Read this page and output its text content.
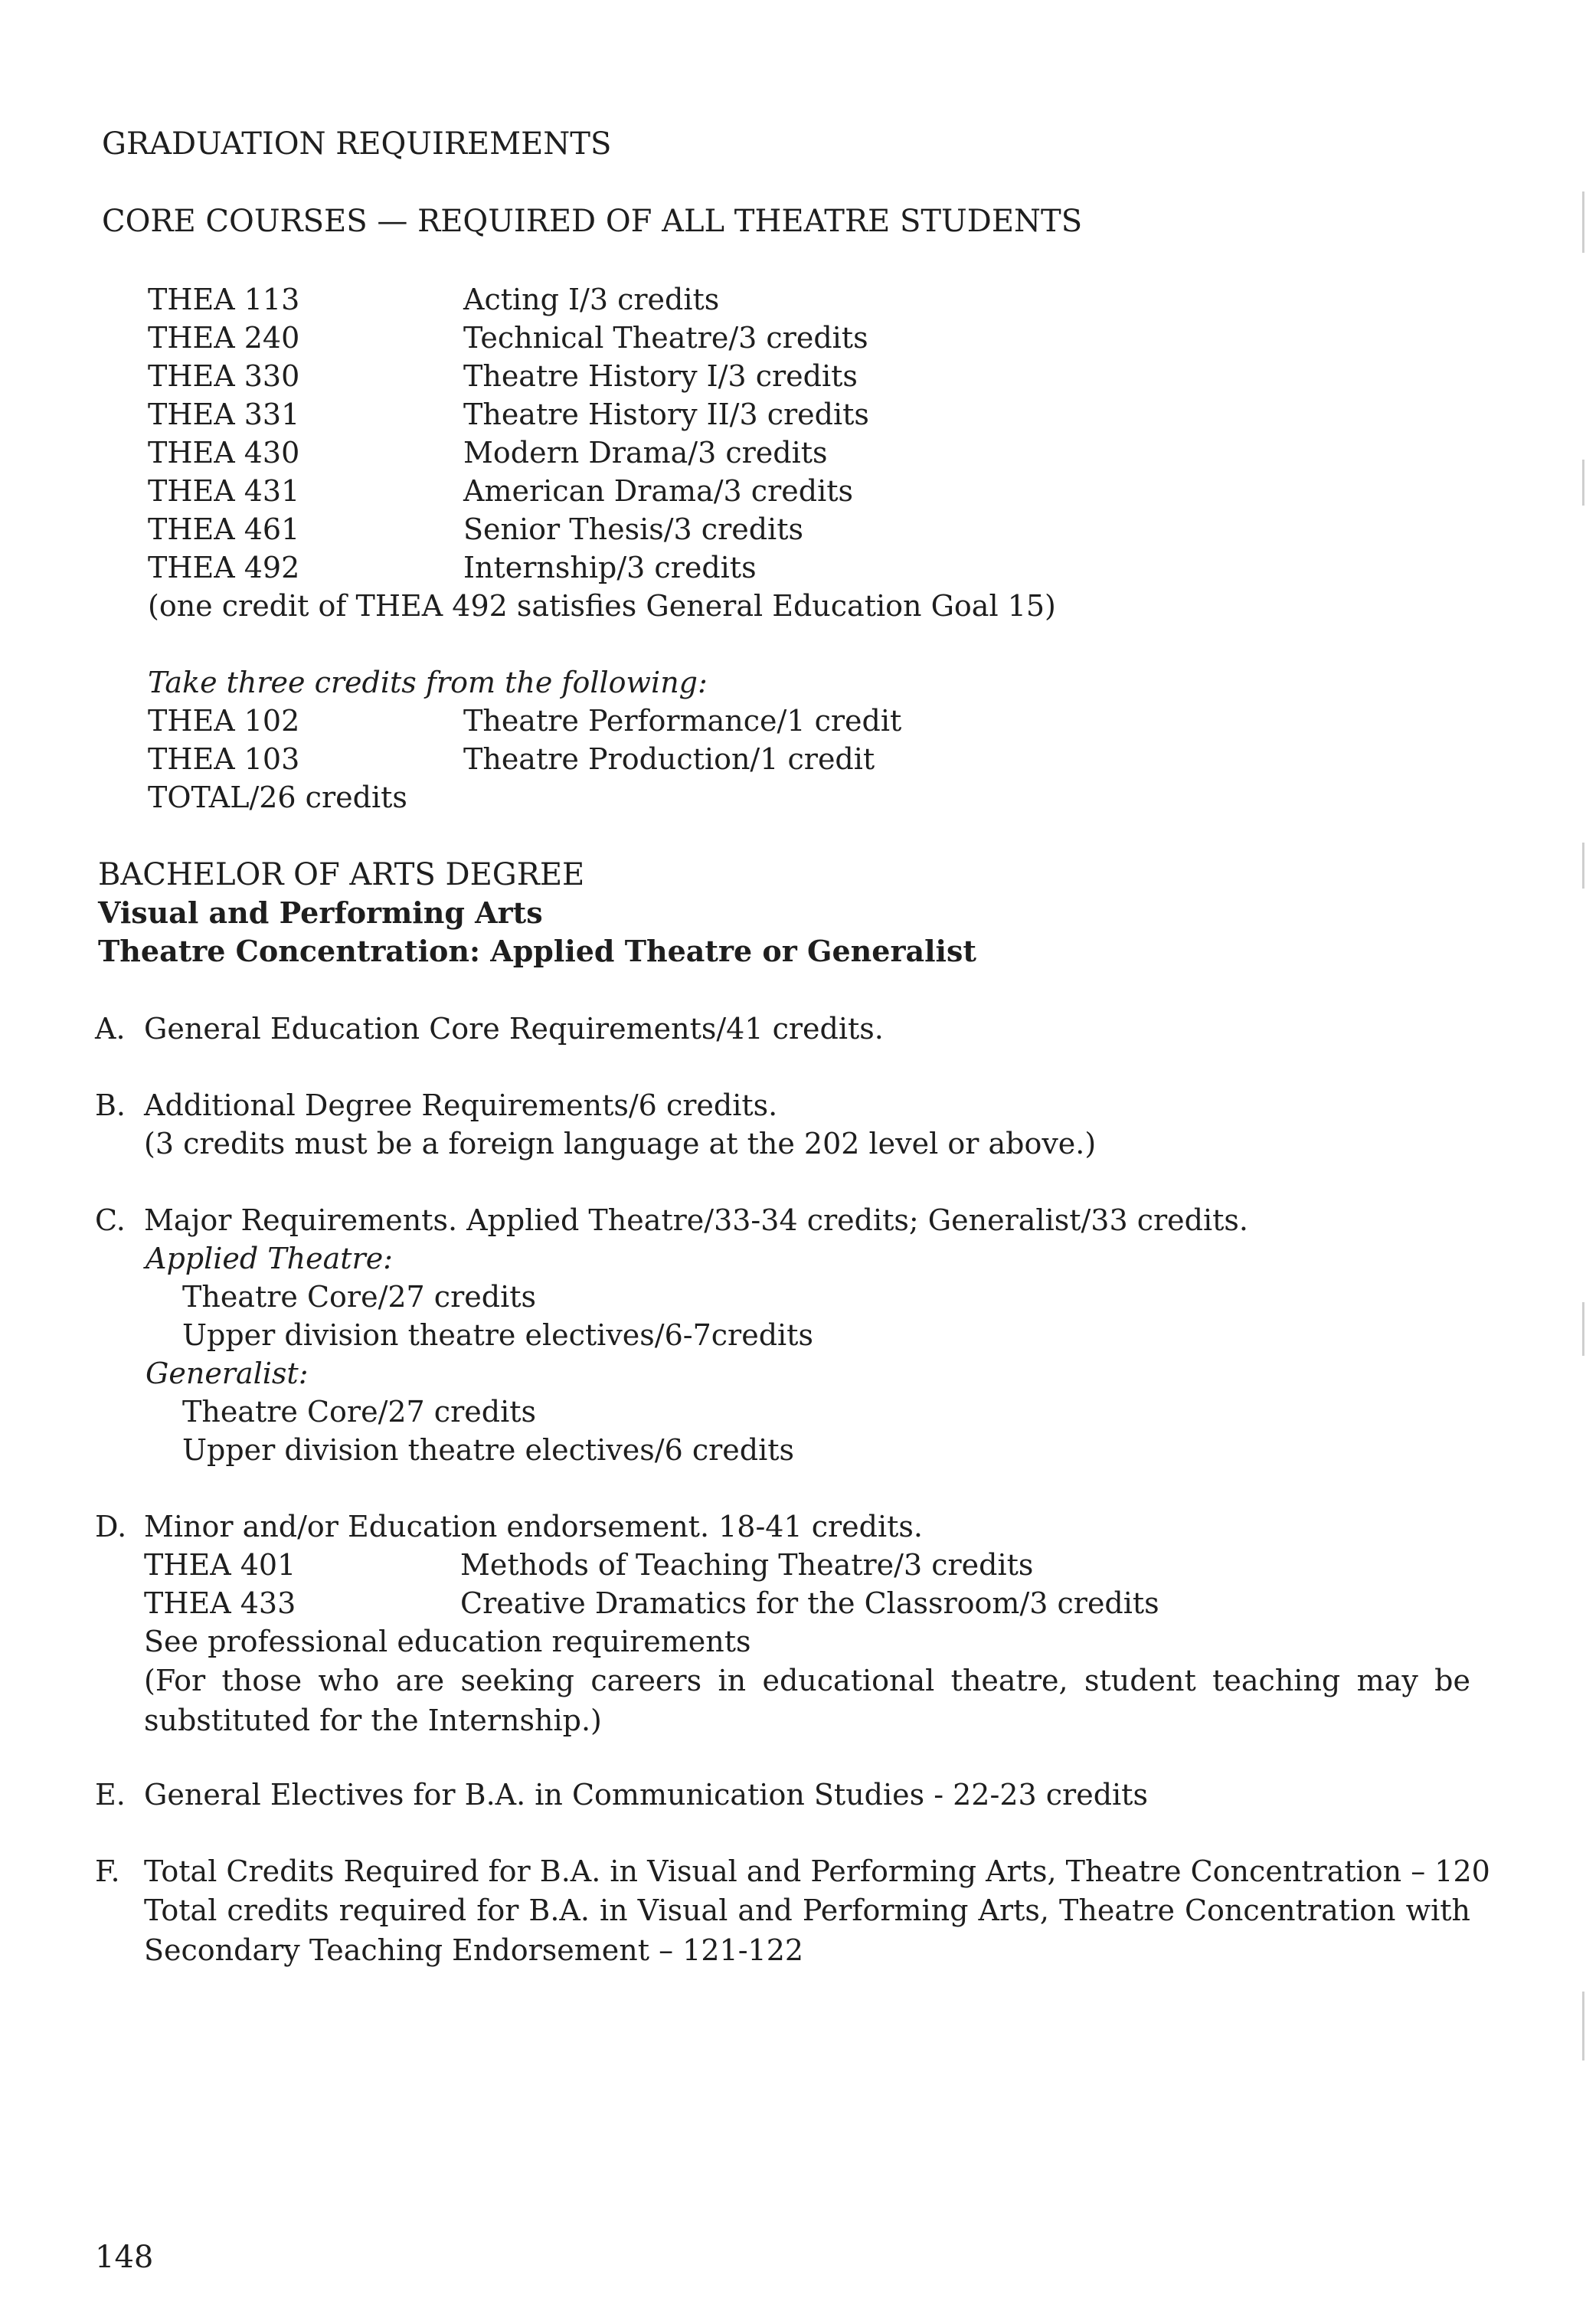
GRADUATION REQUIREMENTS
CORE COURSES — REQUIRED OF ALL THEATRE STUDENTS
THEA 113	Acting I/3 credits
THEA 240	Technical Theatre/3 credits
THEA 330	Theatre History I/3 credits
THEA 331	Theatre History II/3 credits
THEA 430	Modern Drama/3 credits
THEA 431	American Drama/3 credits
THEA 461	Senior Thesis/3 credits
THEA 492	Internship/3 credits
(one credit of THEA 492 satisfies General Education Goal 15)
Take three credits from the following:
THEA 102	Theatre Performance/1 credit
THEA 103	Theatre Production/1 credit
TOTAL/26 credits
BACHELOR OF ARTS DEGREE
Visual and Performing Arts
Theatre Concentration: Applied Theatre or Generalist
A. General Education Core Requirements/41 credits.
B. Additional Degree Requirements/6 credits.
(3 credits must be a foreign language at the 202 level or above.)
C. Major Requirements. Applied Theatre/33-34 credits; Generalist/33 credits.
Applied Theatre:
Theatre Core/27 credits
Upper division theatre electives/6-7credits
Generalist:
Theatre Core/27 credits
Upper division theatre electives/6 credits
D. Minor and/or Education endorsement. 18-41 credits.
THEA 401	Methods of Teaching Theatre/3 credits
THEA 433	Creative Dramatics for the Classroom/3 credits
See professional education requirements
(For those who are seeking careers in educational theatre, student teaching may be substituted for the Internship.)
E. General Electives for B.A. in Communication Studies - 22-23 credits
F. Total Credits Required for B.A. in Visual and Performing Arts, Theatre Concentration – 120
Total credits required for B.A. in Visual and Performing Arts, Theatre Concentration with Secondary Teaching Endorsement – 121-122
148
